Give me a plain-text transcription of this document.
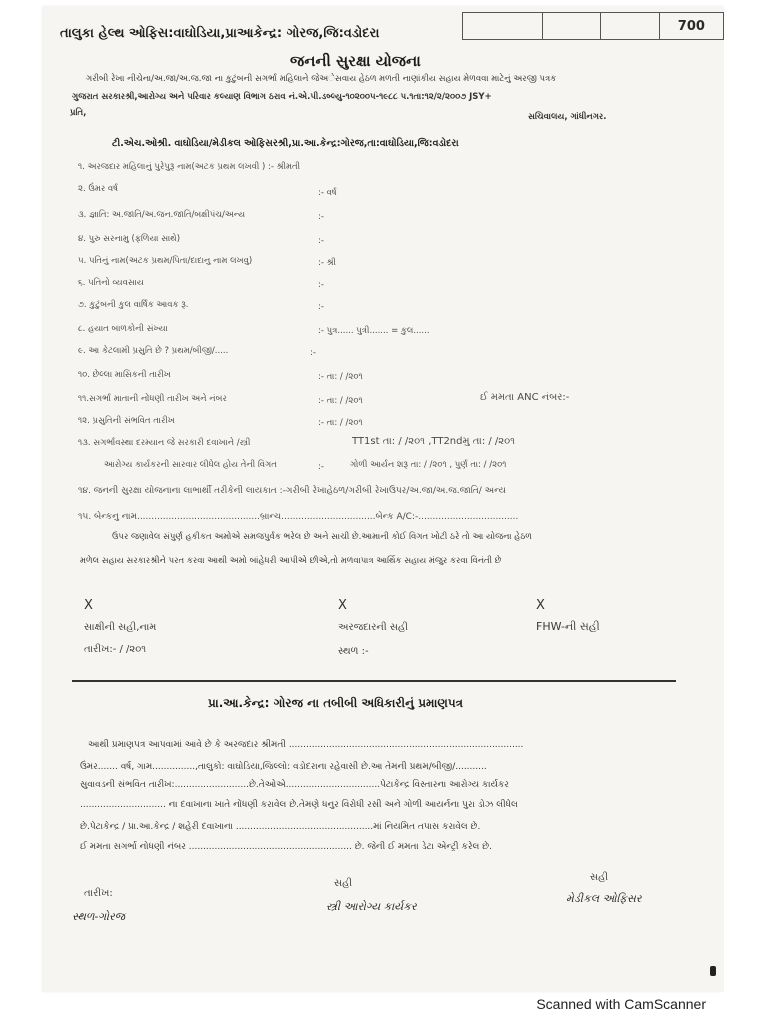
તાલુકા હેલ્થ ઓફિસ:વાઘોડિયા,પ્રાઆકેન્દ્ર: ગોરજ,જિ:વડોદરા	700
જનની સુરક્ષા યોજના
ગરીબી રેખા નીચેના/અ.જા/અ.જ.જા ના કુટુંબની સગર્ભા મહિલાને જેઅેસવાય હેઠળ મળતી નાણાંકીય સહાય મેળવવા માટેનું અરજી પત્રક
ગુજરાત સરકારશ્રી,આરોગ્ય અને પરિવાર કલ્યાણ વિભાગ ઠરાવ નં.એ.પી.ડબ્લ્યુ-૧૦૨૦૦૫-૧૯૮૮ પ.૧તા:૧૨/૨/૨૦૦૭ JSY+
પ્રતિ,	સચિવાલય, ગાંધીનગર.
ટી.એચ.ઓશ્રી. વાઘોડિયા/મેડીકલ ઓફિસરશ્રી,પ્રા.આ.કેન્દ્ર:ગોરજ,તા:વાઘોડિયા,જિ:વડોદરા
૧. અરજદાર મહિલાનું પુરેપુરૂ નામ(અટક પ્રથમ લખવી ) :- શ્રીમતી
૨. ઉંમર વર્ષ	:- વર્ષ
૩. જ્ઞાતિ: અ.જાતિ/અ.જન.જાતિ/બક્ષીપંચ/અન્ય	:-
૪. પુરુ સરનામુ (ફળિયા સાથે)	:-
૫. પતિનું નામ(અટક પ્રથમ/પિતા/દાદાનુ નામ લખવુ)	:- શ્રી
૬. પતિનો વ્યવસાય	:-
૭. કુટુંબની કુલ વાર્ષિક આવક રૂ.	:-
૮. હયાત બાળકોની સંખ્યા	:- પુત્ર...... પુત્રી....... = કુલ......
૯. આ કેટલામી પ્રસુતિ છે ? પ્રથમ/બીજી/.....	:-
૧૦. છેલ્લા માસિકની તારીખ	:- તા: / /૨૦૧
૧૧.સગર્ભા માતાની નોંધણી તારીખ અને નંબર	:- તા: / /૨૦૧	ઈ મમતા ANC નંબર:-
૧૨. પ્રસુતિની સંભવિત તારીખ	:- તા: / /૨૦૧
૧૩. સગર્ભાવસ્થા દરમ્યાન જે સરકારી દવાખાને /સ્ત્રી	TT1st તા: / /૨૦૧ ,TT2ndમુ તા: / /૨૦૧
આરોગ્ય કાર્યકરની સારવાર લીધેલ હોય તેની વિગત	:-	ગોળી આર્યન શરૂ તા: / /૨૦૧ , પુર્ણ તા: / /૨૦૧
૧૪. જનની સુરક્ષા યોજનાના લાભાર્થી તરીકેની લાયકાત :-ગરીબી રેખાહેઠળ/ગરીબી રેખાઉપર/અ.જા/અ.જ.જાતિ/ અન્ય
૧૫. બેન્કનુ નામ...........................................બ્રાન્ચ.................................બેન્ક A/C:-...................................
ઉપર જણાવેલ સંપુર્ણ હકીકત અમોએ સમજપુર્વક ભરેલ છે અને સાચી છે.આમાની કોઈ વિગત ખોટી ઠરે તો આ યોજના હેઠળ
મળેલ સહાય સરકારશ્રીને પરત કરવા આથી અમો બાંહેધરી આપીએ છીએ,તો મળવાપાત્ર આર્થિક સહાય મંજુર કરવા વિનંતી છે
X	X	X
સાક્ષીની સહી,નામ	અરજદારની સહી	FHW-ની સહી
તારીખ:- / /૨૦૧	સ્થળ :-
પ્રા.આ.કેન્દ્ર: ગોરજ ના તબીબી અધિકારીનું પ્રમાણપત્ર
આથી પ્રમાણપત્ર આપવામાં આવે છે કે અરજદાર શ્રીમતી ..................................................................................
ઉંમર....... વર્ષ, ગામ...............,તાલુકો: વાઘોડિયા,જિલ્લો: વડોદરાના રહેવાસી છે.આ તેમની પ્રથમ/બીજી/...........
સુવાવડની સંભવિત તારીખ:..........................છે.તેઓએ.................................પેટાકેન્દ્ર વિસ્તારના આરોગ્ય કાર્યકર
.............................. ના દવાખાના ખાતે નોંધણી કરાવેલ છે.તેમણે ધનુર વિરોધી રસી અને ગોળી આયર્નના પુરા ડોઝ લીધેલ
છે.પેટાકેન્દ્ર / પ્રા.આ.કેન્દ્ર / શહેરી દવાખાના ................................................માં નિયમિત તપાસ કરાવેલ છે.
ઈ મમતા સગર્ભા નોધણી નંબર ......................................................... છે. જેની ઈ મમતા ડેટા એન્ટ્રી કરેલ છે.
સહી
સહી
તારીખ:
સ્થળ-ગોરજ
સ્ત્રી આરોગ્ય કાર્યકર
મેડીકલ ઓફિસર
Scanned with CamScanner
